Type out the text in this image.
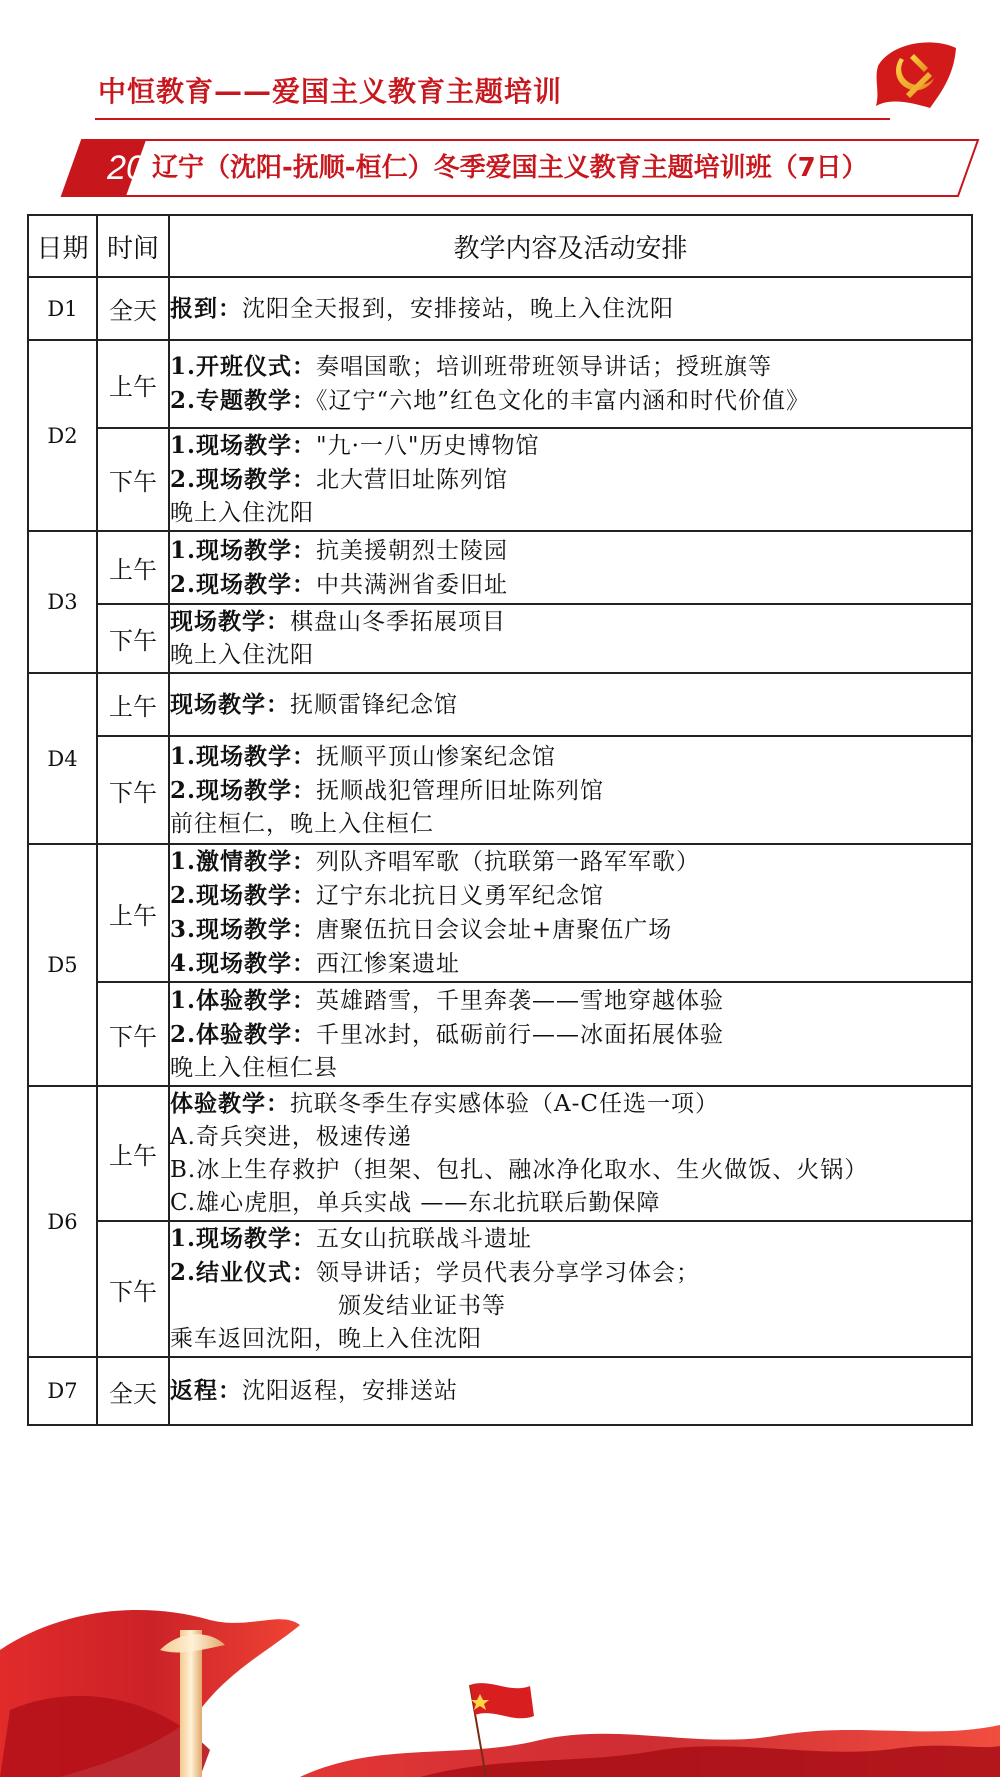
中恒教育——爱国主义教育主题培训
20 辽宁（沈阳-抚顺-桓仁）冬季爱国主义教育主题培训班（7日）
日期	时间	教学内容及活动安排
D1	全天	报到：沈阳全天报到，安排接站，晚上入住沈阳

D2	上午	1.开班仪式：奏唱国歌；培训班带班领导讲话；授班旗等
2.专题教学：《辽宁“六地”红色文化的丰富内涵和时代价值》

	下午	1.现场教学："九·一八"历史博物馆
2.现场教学：北大营旧址陈列馆
晚上入住沈阳

D3	上午	1.现场教学：抗美援朝烈士陵园
2.现场教学：中共满洲省委旧址

	下午	现场教学：棋盘山冬季拓展项目
晚上入住沈阳

D4	上午	现场教学：抚顺雷锋纪念馆

	下午	1.现场教学：抚顺平顶山惨案纪念馆
2.现场教学：抚顺战犯管理所旧址陈列馆
前往桓仁，晚上入住桓仁

D5	上午	1.激情教学：列队齐唱军歌（抗联第一路军军歌）
2.现场教学：辽宁东北抗日义勇军纪念馆
3.现场教学：唐聚伍抗日会议会址+唐聚伍广场
4.现场教学：西江惨案遗址

	下午	1.体验教学：英雄踏雪，千里奔袭——雪地穿越体验
2.体验教学：千里冰封，砥砺前行——冰面拓展体验
晚上入住桓仁县

D6	上午	体验教学：抗联冬季生存实感体验（A-C任选一项）
A.奇兵突进，极速传递
B.冰上生存救护（担架、包扎、融冰净化取水、生火做饭、火锅）
C.雄心虎胆，单兵实战 ——东北抗联后勤保障

	下午	1.现场教学：五女山抗联战斗遗址
2.结业仪式：领导讲话；学员代表分享学习体会；
颁发结业证书等
乘车返回沈阳，晚上入住沈阳

D7	全天	返程：沈阳返程，安排送站
